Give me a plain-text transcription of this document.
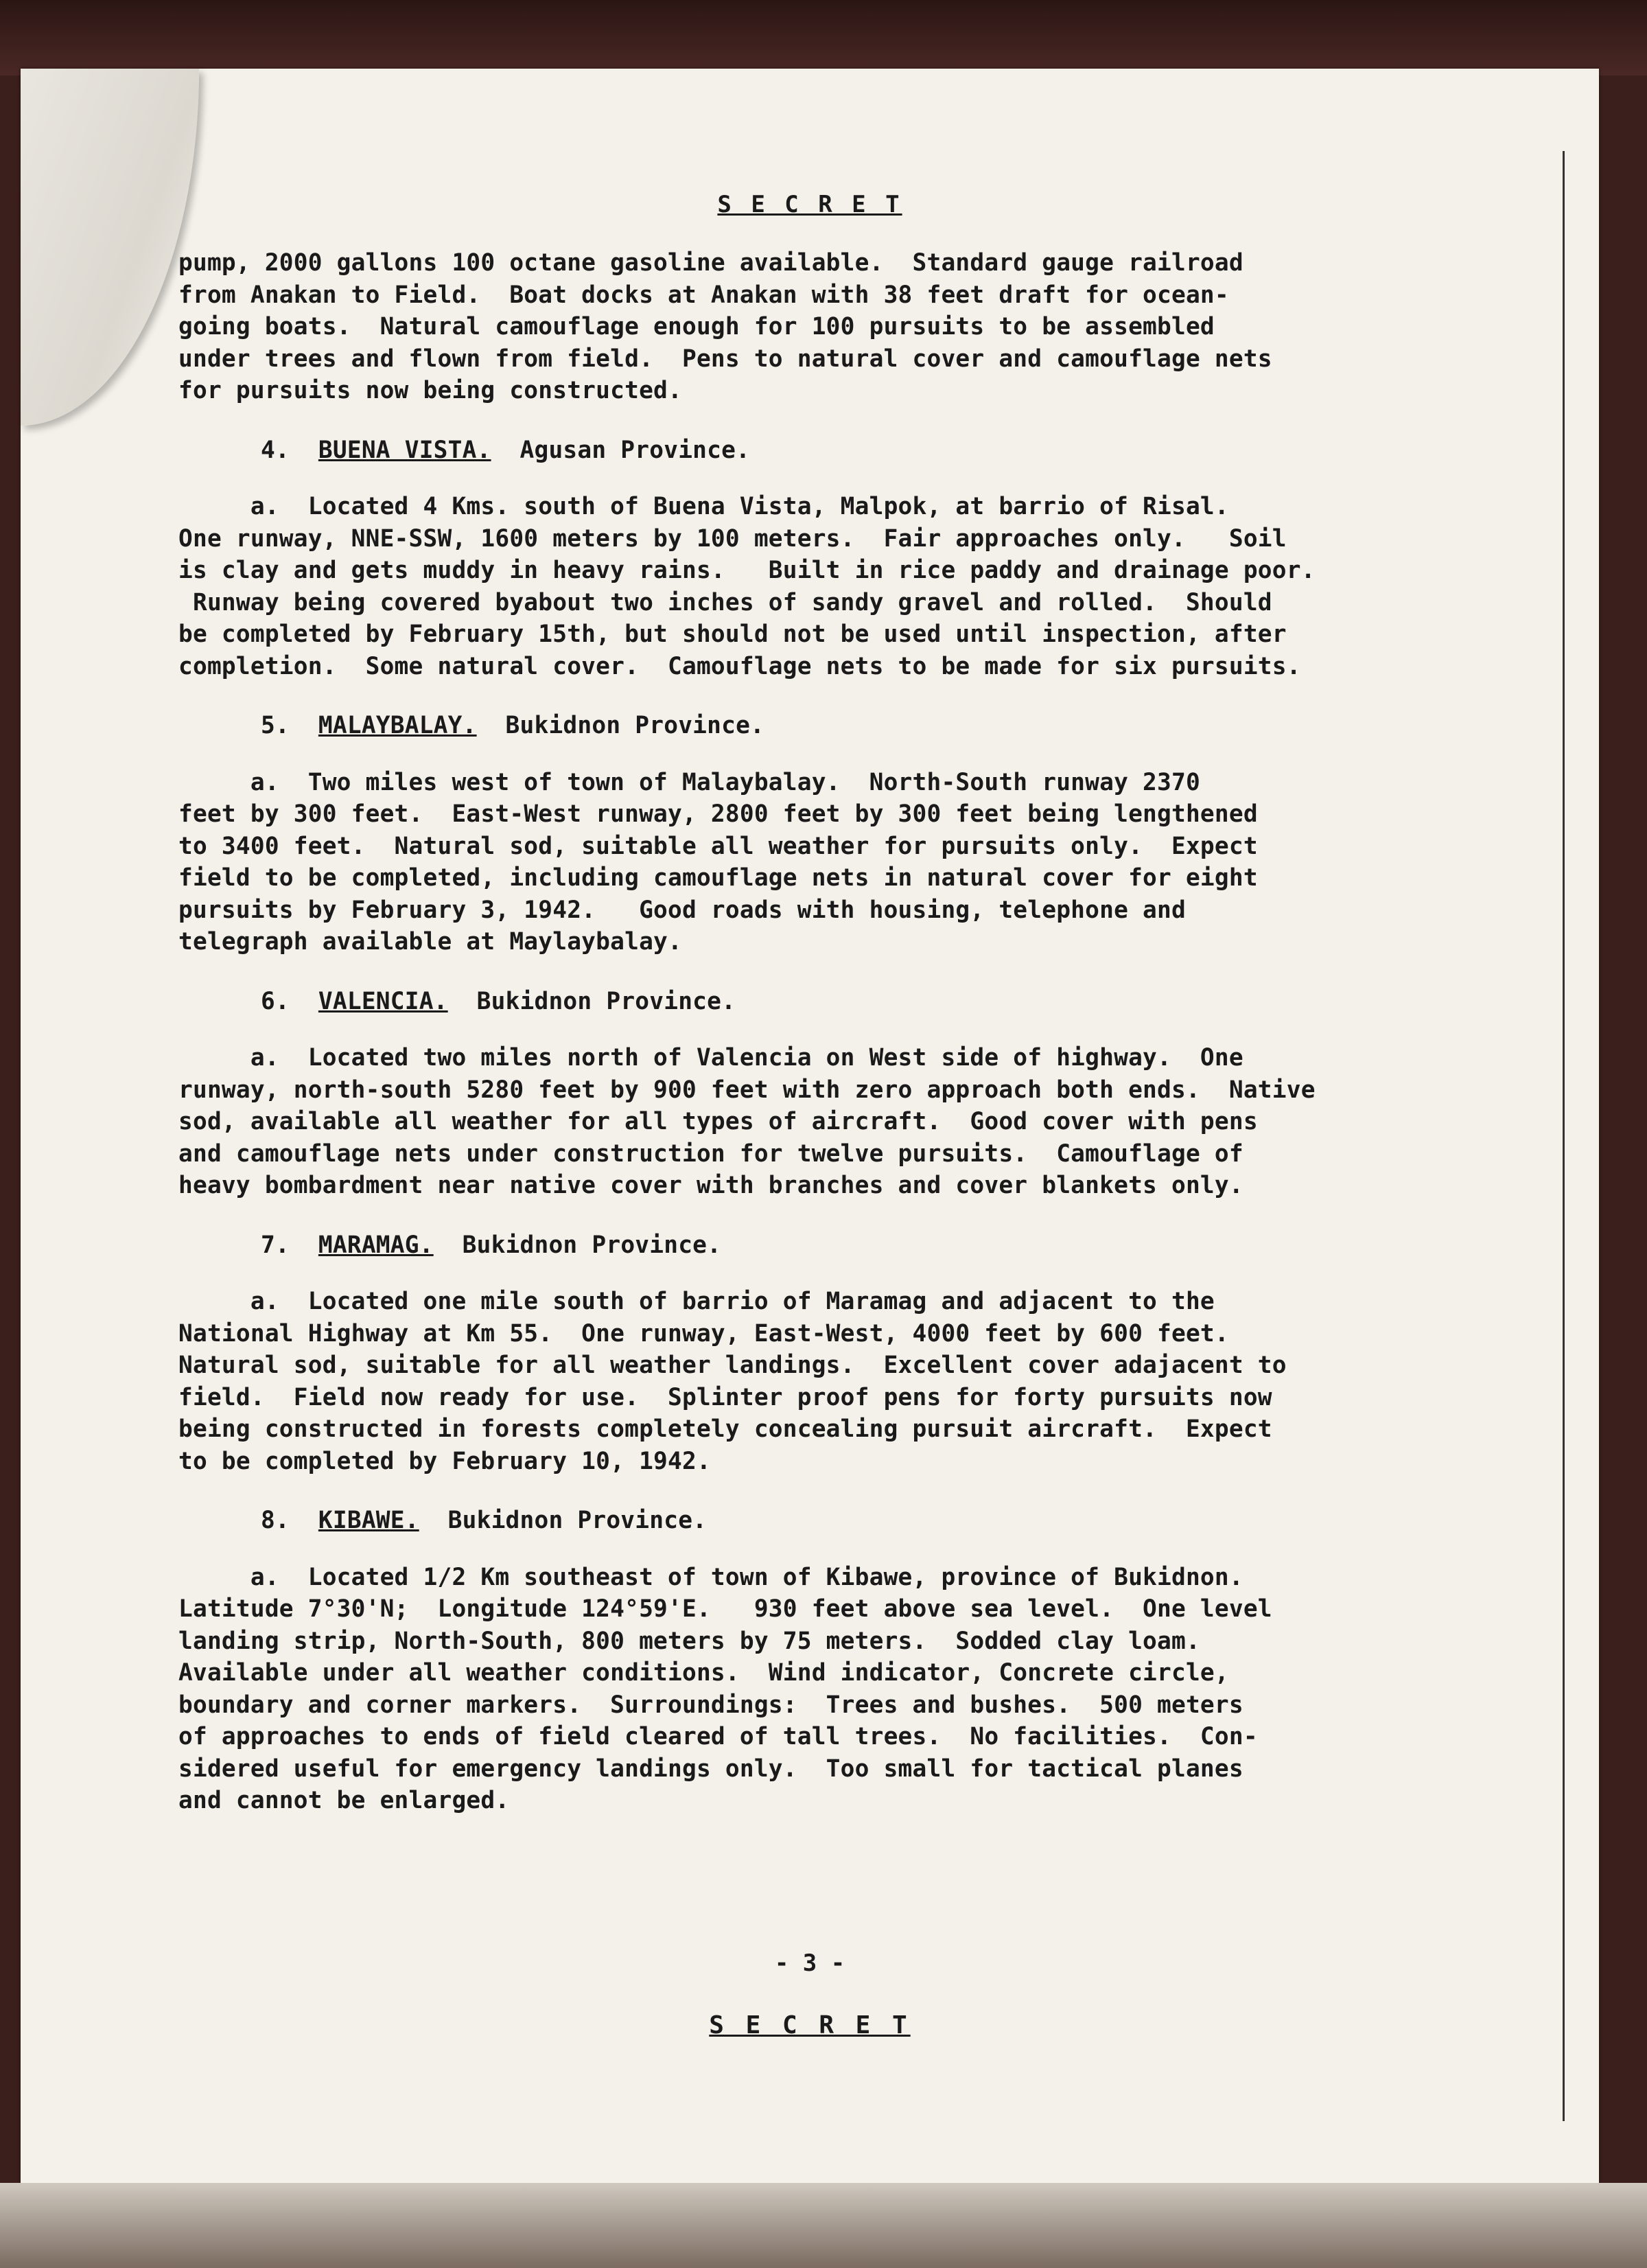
S E C R E T
pump, 2000 gallons 100 octane gasoline available.  Standard gauge railroad
from Anakan to Field.  Boat docks at Anakan with 38 feet draft for ocean-
going boats.  Natural camouflage enough for 100 pursuits to be assembled
under trees and flown from field.  Pens to natural cover and camouflage nets
for pursuits now being constructed.
4. BUENA VISTA. Agusan Province.
a.  Located 4 Kms. south of Buena Vista, Malpok, at barrio of Risal.
One runway, NNE-SSW, 1600 meters by 100 meters.  Fair approaches only.   Soil
is clay and gets muddy in heavy rains.   Built in rice paddy and drainage poor.
Runway being covered byabout two inches of sandy gravel and rolled.  Should
be completed by February 15th, but should not be used until inspection, after
completion.  Some natural cover.  Camouflage nets to be made for six pursuits.
5. MALAYBALAY. Bukidnon Province.
a.  Two miles west of town of Malaybalay.  North-South runway 2370
feet by 300 feet.  East-West runway, 2800 feet by 300 feet being lengthened
to 3400 feet.  Natural sod, suitable all weather for pursuits only.  Expect
field to be completed, including camouflage nets in natural cover for eight
pursuits by February 3, 1942.   Good roads with housing, telephone and
telegraph available at Maylaybalay.
6. VALENCIA. Bukidnon Province.
a.  Located two miles north of Valencia on West side of highway.  One
runway, north-south 5280 feet by 900 feet with zero approach both ends.  Native
sod, available all weather for all types of aircraft.  Good cover with pens
and camouflage nets under construction for twelve pursuits.  Camouflage of
heavy bombardment near native cover with branches and cover blankets only.
7. MARAMAG. Bukidnon Province.
a.  Located one mile south of barrio of Maramag and adjacent to the
National Highway at Km 55.  One runway, East-West, 4000 feet by 600 feet.
Natural sod, suitable for all weather landings.  Excellent cover adajacent to
field.  Field now ready for use.  Splinter proof pens for forty pursuits now
being constructed in forests completely concealing pursuit aircraft.  Expect
to be completed by February 10, 1942.
8. KIBAWE. Bukidnon Province.
a.  Located 1/2 Km southeast of town of Kibawe, province of Bukidnon.
Latitude 7°30'N;  Longitude 124°59'E.   930 feet above sea level.  One level
landing strip, North-South, 800 meters by 75 meters.  Sodded clay loam.
Available under all weather conditions.  Wind indicator, Concrete circle,
boundary and corner markers.  Surroundings:  Trees and bushes.  500 meters
of approaches to ends of field cleared of tall trees.  No facilities.  Con-
sidered useful for emergency landings only.  Too small for tactical planes
and cannot be enlarged.
- 3 -
S E C R E T
